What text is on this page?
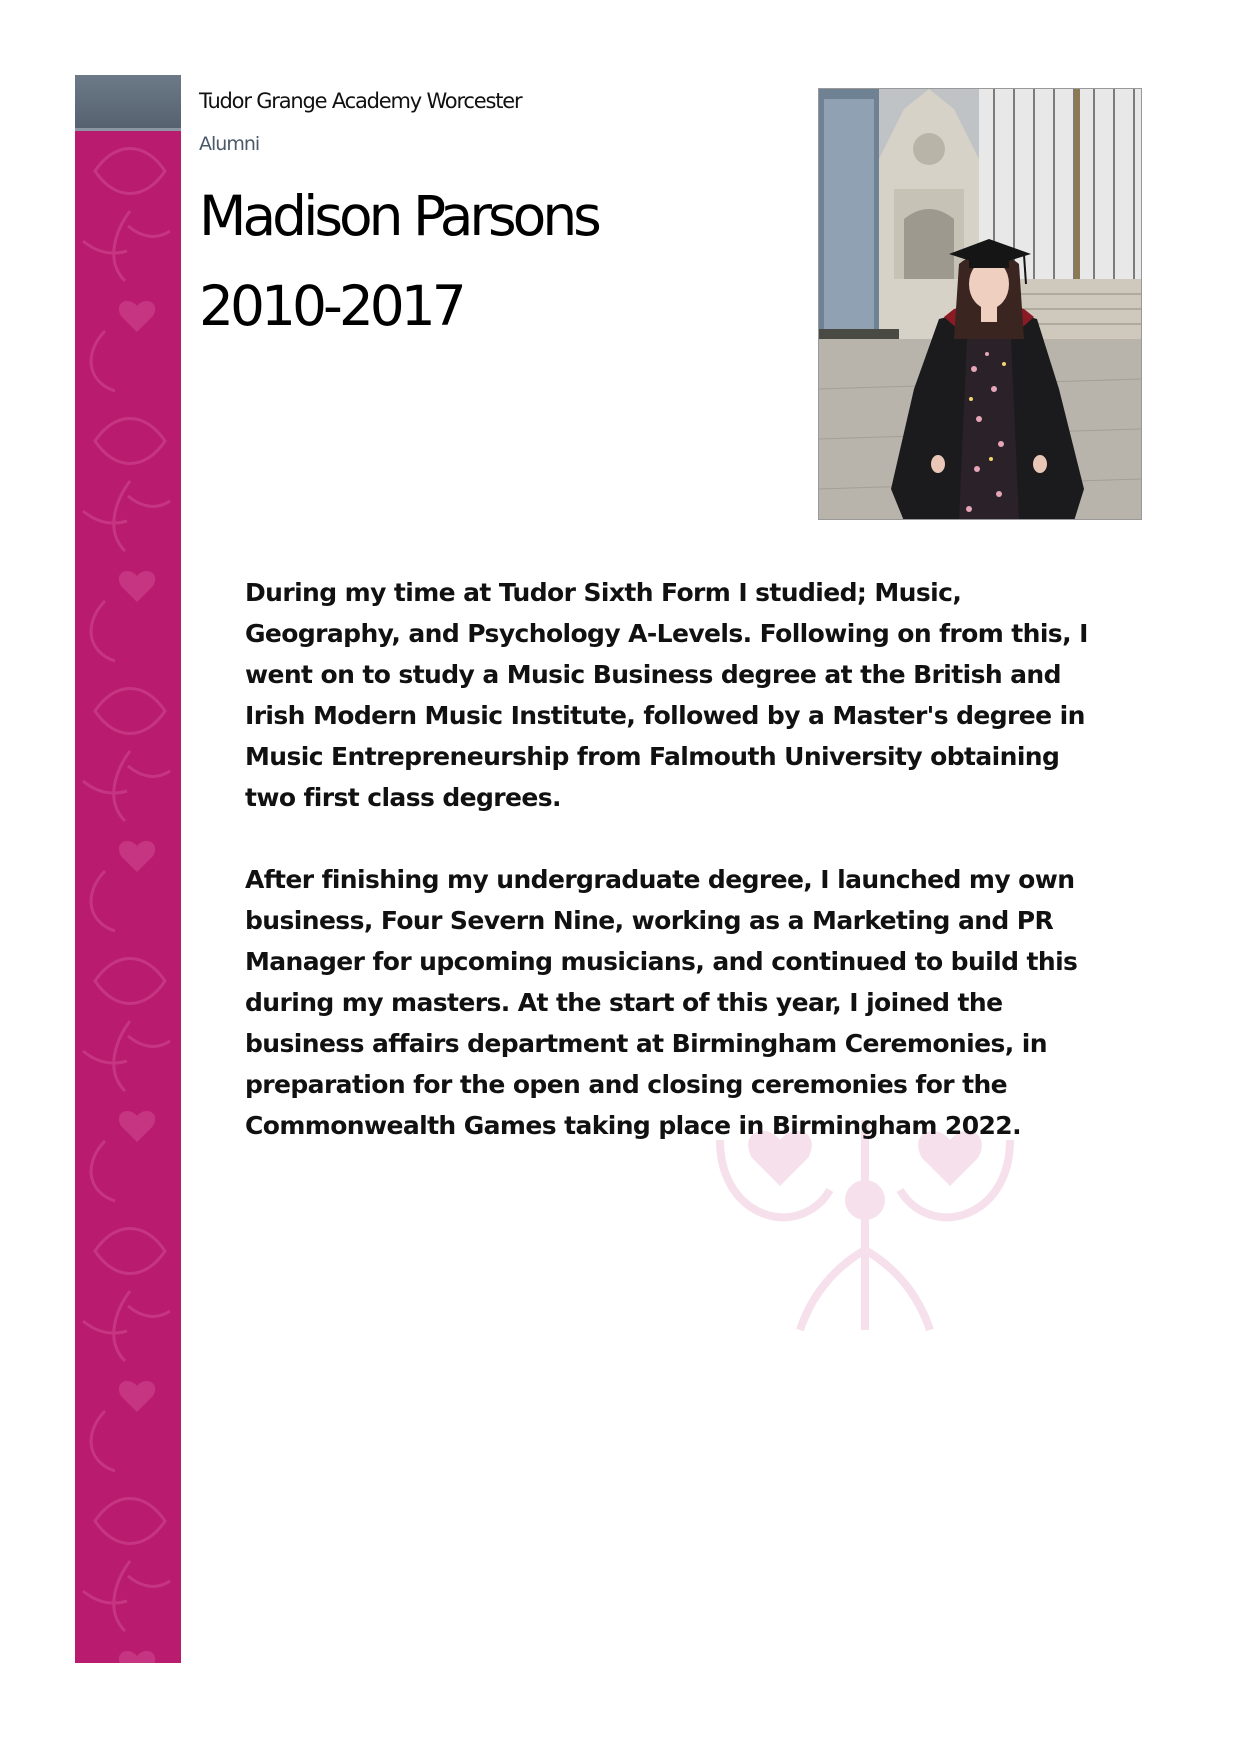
Tudor Grange Academy Worcester
Alumni
Madison Parsons
2010-2017

During my time at Tudor Sixth Form I studied; Music, Geography, and Psychology A-Levels. Following on from this, I went on to study a Music Business degree at the British and Irish Modern Music Institute, followed by a Master's degree in Music Entrepreneurship from Falmouth University obtaining two first class degrees.

After finishing my undergraduate degree, I launched my own business, Four Severn Nine, working as a Marketing and PR Manager for upcoming musicians, and continued to build this during my masters. At the start of this year, I joined the business affairs department at Birmingham Ceremonies, in preparation for the open and closing ceremonies for the Commonwealth Games taking place in Birmingham 2022.
